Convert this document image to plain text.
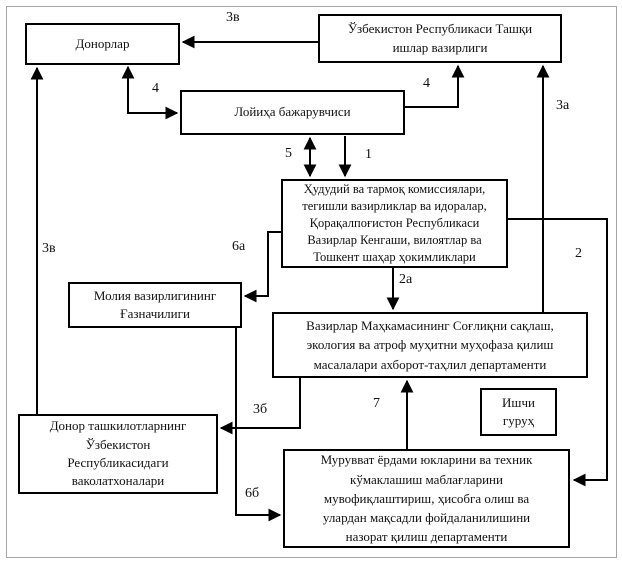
Донорлар
Ўзбекистон Республикаси Ташқи ишлар вазирлиги
Лойиҳа бажарувчиси
Ҳудудий ва тармоқ комиссиялари, тегишли вазирликлар ва идоралар, Қорақалпоғистон Республикаси Вазирлар Кенгаши, вилоятлар ва Тошкент шаҳар ҳокимликлари
Молия вазирлигининг Ғазначилиги
Вазирлар Маҳкамасининг Соғлиқни сақлаш, экология ва атроф муҳитни муҳофаза қилиш масалалари ахборот-таҳлил департаменти
Донор ташкилотларнинг Ўзбекистон Республикасидаги ваколатхоналари
Ишчи гуруҳ
Мурувват ёрдами юкларини ва техник кўмаклашиш маблағларини мувофиқлаштириш, ҳисобга олиш ва улардан мақсадли фойдаланилишини назорат қилиш департаменти
3в
4	4
5	1
3а
2
6а
2а
3б	7
6б
3в
